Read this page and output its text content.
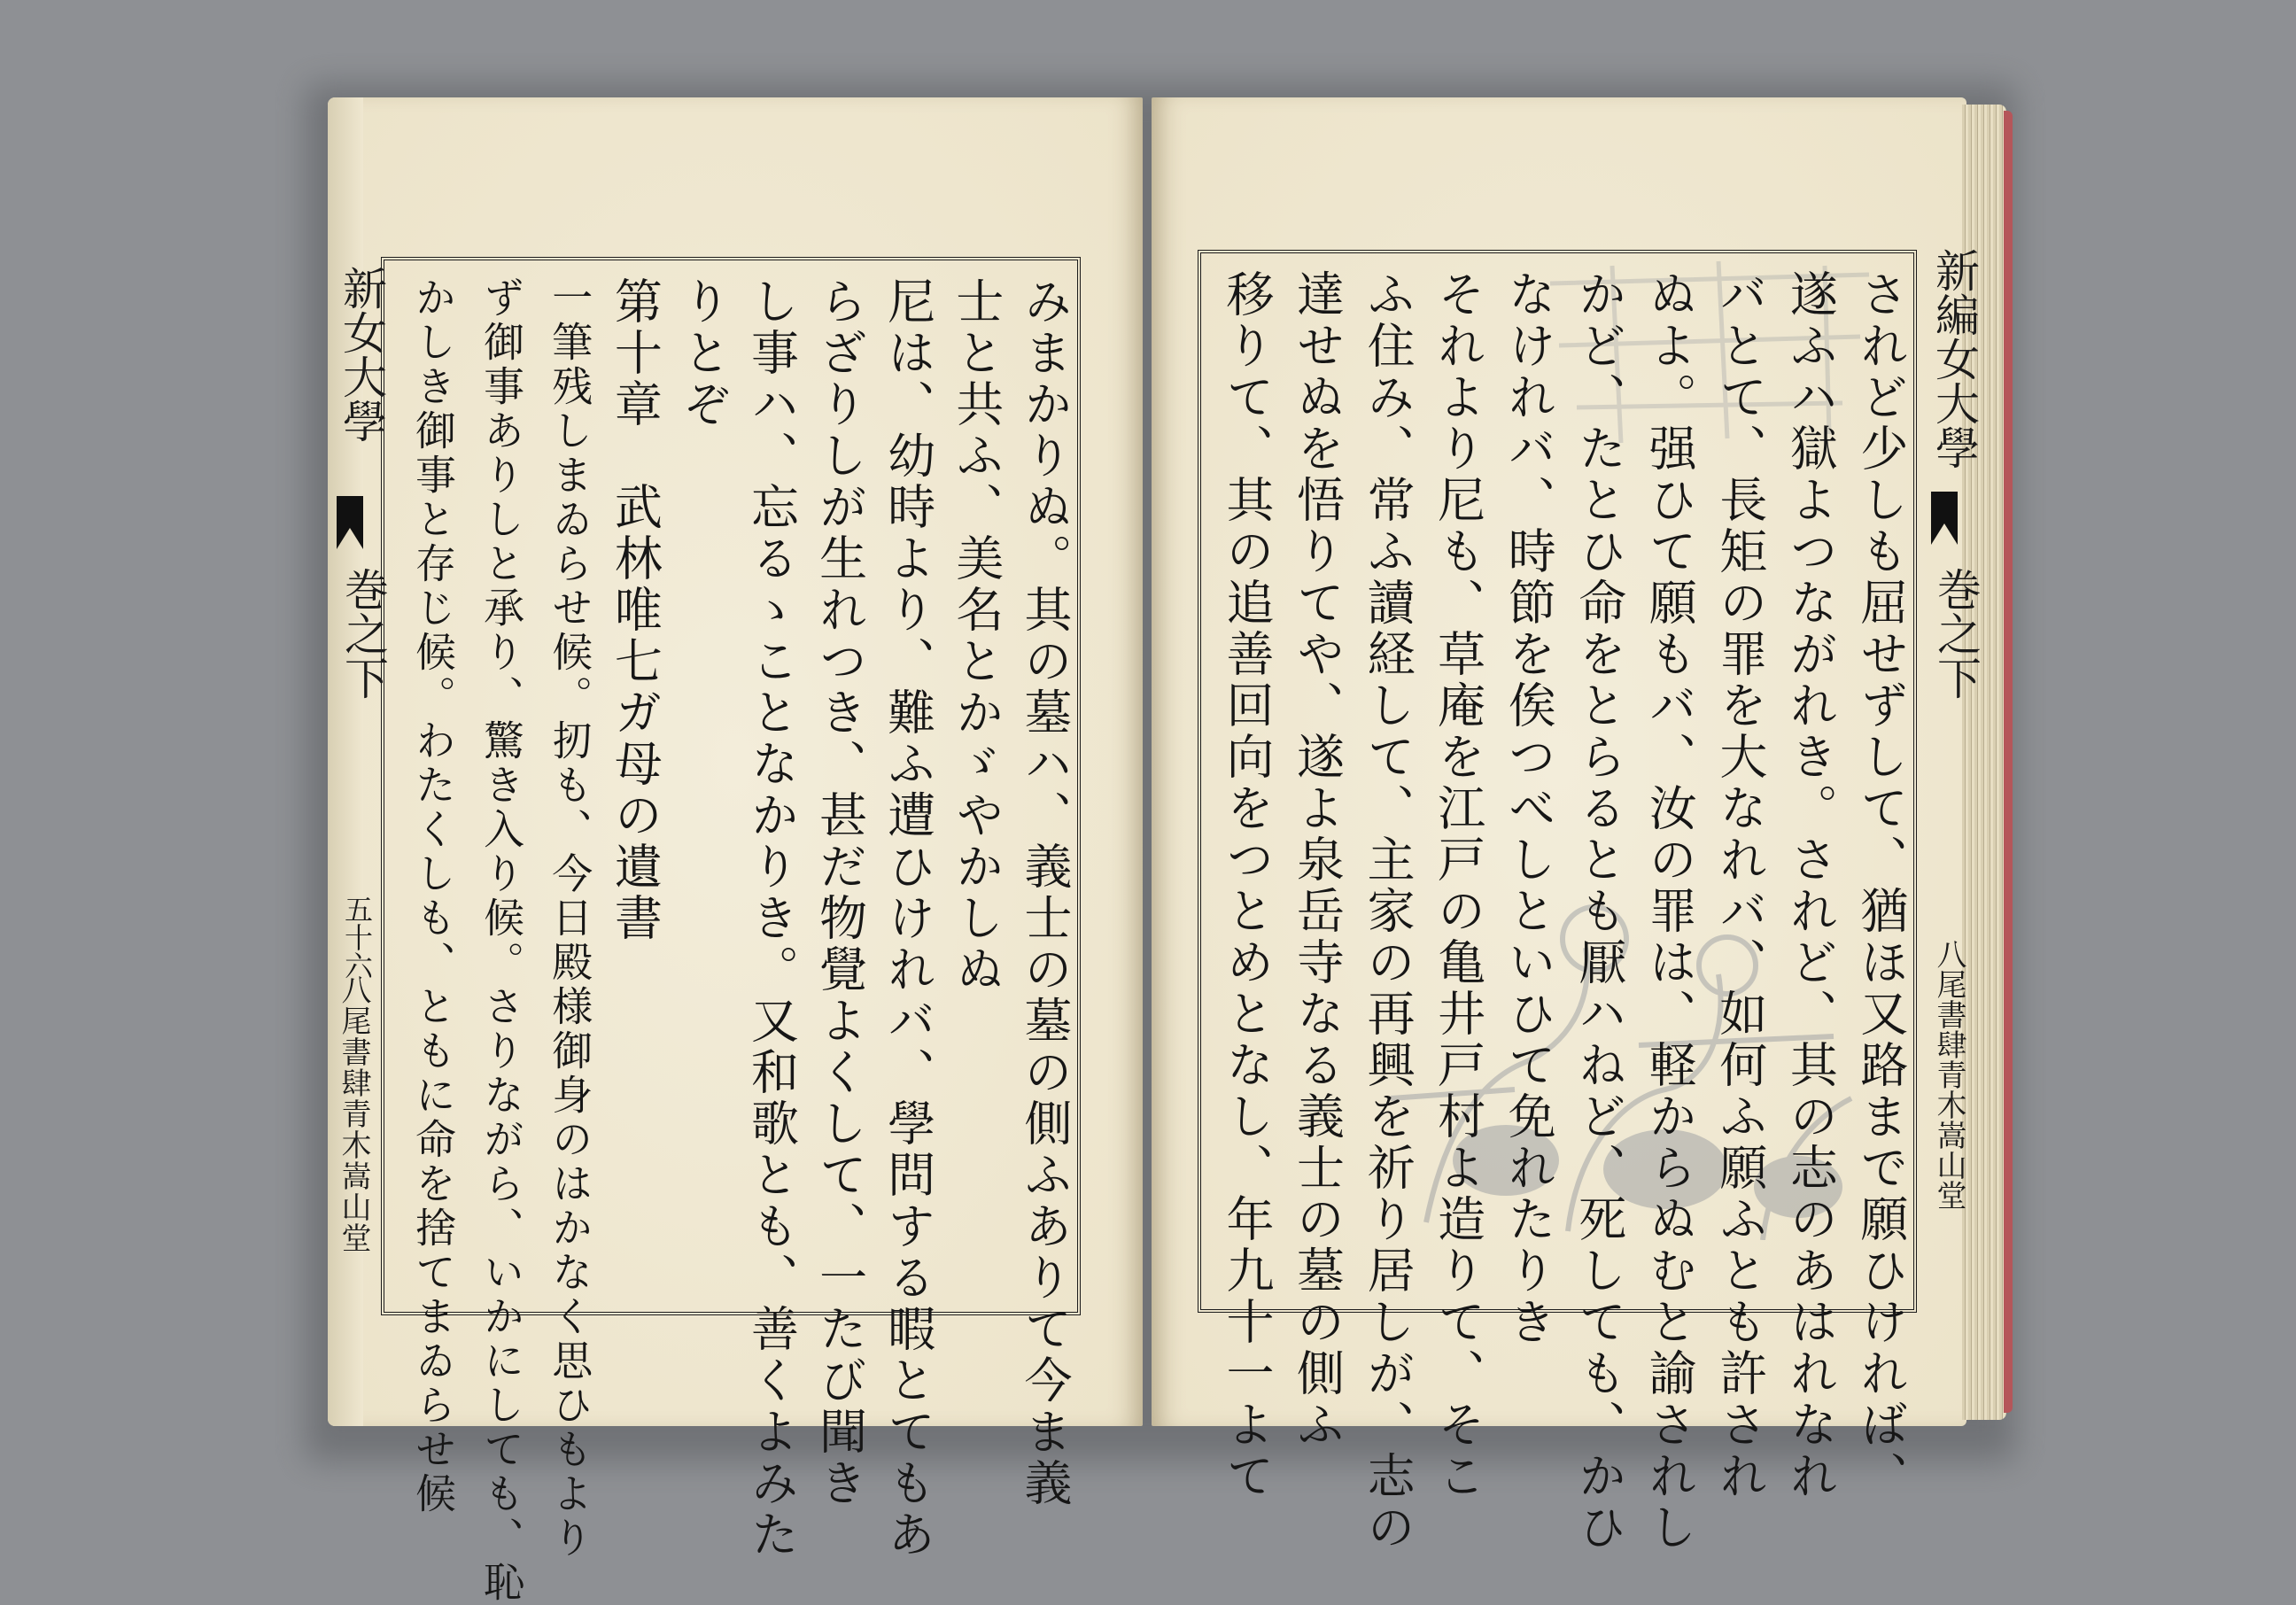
新女大學
巻之下
五十六
八尾書肆青木嵩山堂
新編女大學
巻之下
八尾書肆青木嵩山堂
みまかりぬ。其の墓ハ、義士の墓の側ふありて今ま義
士と共ふ、美名とかゞやかしぬ
尼は、幼時より、難ふ遭ひけれバ、學問する暇とてもあ
らざりしが生れつき、甚だ物覺よくして、一たび聞き
し事ハ、忘るゝことなかりき。又和歌とも、善くよみた
りとぞ
第十章　武林唯七ガ母の遺書
一筆残しまゐらせ候。扨も、今日殿様御身のはかなく思ひもより
ず御事ありしと承り、驚き入り候。さりながら、いかにしても、恥
かしき御事と存じ候。わたくしも、ともに命を捨てまゐらせ候	されど少しも屈せずして、猶ほ又路まで願ひければ、
遂ふハ獄よつながれき。されど、其の志のあはれなれ
バとて、長矩の罪を大なれバ、如何ふ願ふとも許され
ぬよ。强ひて願もバ、汝の罪は、軽からぬむと諭されし
かど、たとひ命をとらるとも厭ハねど、死しても、かひ
なけれバ、時節を俟つべしといひて免れたりき
それより尼も、草庵を江戸の亀井戸村よ造りて、そこ
ふ住み、常ふ讀経して、主家の再興を祈り居しが、志の
達せぬを悟りてや、遂よ泉岳寺なる義士の墓の側ふ
移りて、其の追善回向をつとめとなし、年九十一よて
